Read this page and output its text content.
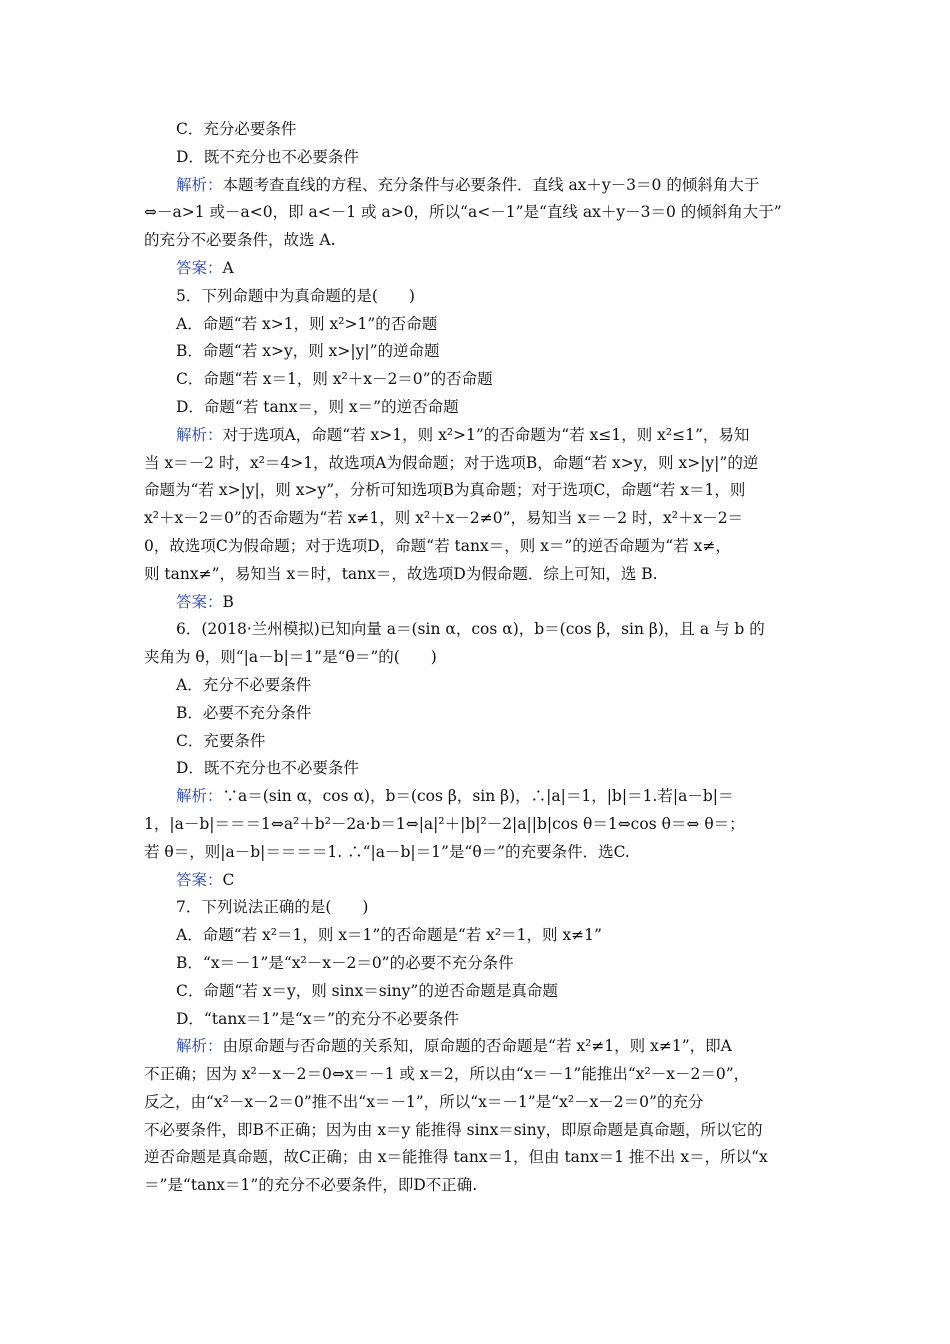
C．充分必要条件
D．既不充分也不必要条件
解析：本题考查直线的方程、充分条件与必要条件．直线 ax＋y－3＝0 的倾斜角大于
⇔－a>1 或－a<0，即 a<－1 或 a>0，所以“a<－1”是“直线 ax＋y－3＝0 的倾斜角大于”
的充分不必要条件，故选 A.
答案：A
5．下列命题中为真命题的是(　　)
A．命题“若 x>1，则 x²>1”的否命题
B．命题“若 x>y，则 x>|y|”的逆命题
C．命题“若 x＝1，则 x²＋x－2＝0”的否命题
D．命题“若 tanx＝，则 x＝”的逆否命题
解析：对于选项A，命题“若 x>1，则 x²>1”的否命题为“若 x≤1，则 x²≤1”，易知
当 x＝－2 时，x²＝4>1，故选项A为假命题；对于选项B，命题“若 x>y，则 x>|y|”的逆
命题为“若 x>|y|，则 x>y”，分析可知选项B为真命题；对于选项C，命题“若 x＝1，则
x²＋x－2＝0”的否命题为“若 x≠1，则 x²＋x－2≠0”，易知当 x＝－2 时，x²＋x－2＝
0，故选项C为假命题；对于选项D，命题“若 tanx＝，则 x＝”的逆否命题为“若 x≠，
则 tanx≠”，易知当 x＝时，tanx＝，故选项D为假命题．综上可知，选 B.
答案：B
6．(2018·兰州模拟)已知向量 a＝(sin α，cos α)，b＝(cos β，sin β)，且 a 与 b 的
夹角为 θ，则“|a－b|＝1”是“θ＝”的(　　)
A．充分不必要条件
B．必要不充分条件
C．充要条件
D．既不充分也不必要条件
解析：∵a＝(sin α，cos α)，b＝(cos β，sin β)，∴|a|＝1，|b|＝1.若|a－b|＝
1，|a－b|＝＝＝1⇔a²＋b²－2a·b＝1⇔|a|²＋|b|²－2|a||b|cos θ＝1⇔cos θ＝⇔ θ＝；
若 θ＝，则|a－b|＝＝＝＝1. ∴“|a－b|＝1”是“θ＝”的充要条件．选C.
答案：C
7．下列说法正确的是(　　)
A．命题“若 x²＝1，则 x＝1”的否命题是“若 x²＝1，则 x≠1”
B．“x＝－1”是“x²－x－2＝0”的必要不充分条件
C．命题“若 x＝y，则 sinx＝siny”的逆否命题是真命题
D．“tanx＝1”是“x＝”的充分不必要条件
解析：由原命题与否命题的关系知，原命题的否命题是“若 x²≠1，则 x≠1”，即A
不正确；因为 x²－x－2＝0⇔x＝－1 或 x＝2，所以由“x＝－1”能推出“x²－x－2＝0”，
反之，由“x²－x－2＝0”推不出“x＝－1”，所以“x＝－1”是“x²－x－2＝0”的充分
不必要条件，即B不正确；因为由 x＝y 能推得 sinx＝siny，即原命题是真命题，所以它的
逆否命题是真命题，故C正确；由 x＝能推得 tanx＝1，但由 tanx＝1 推不出 x＝，所以“x
＝”是“tanx＝1”的充分不必要条件，即D不正确.
